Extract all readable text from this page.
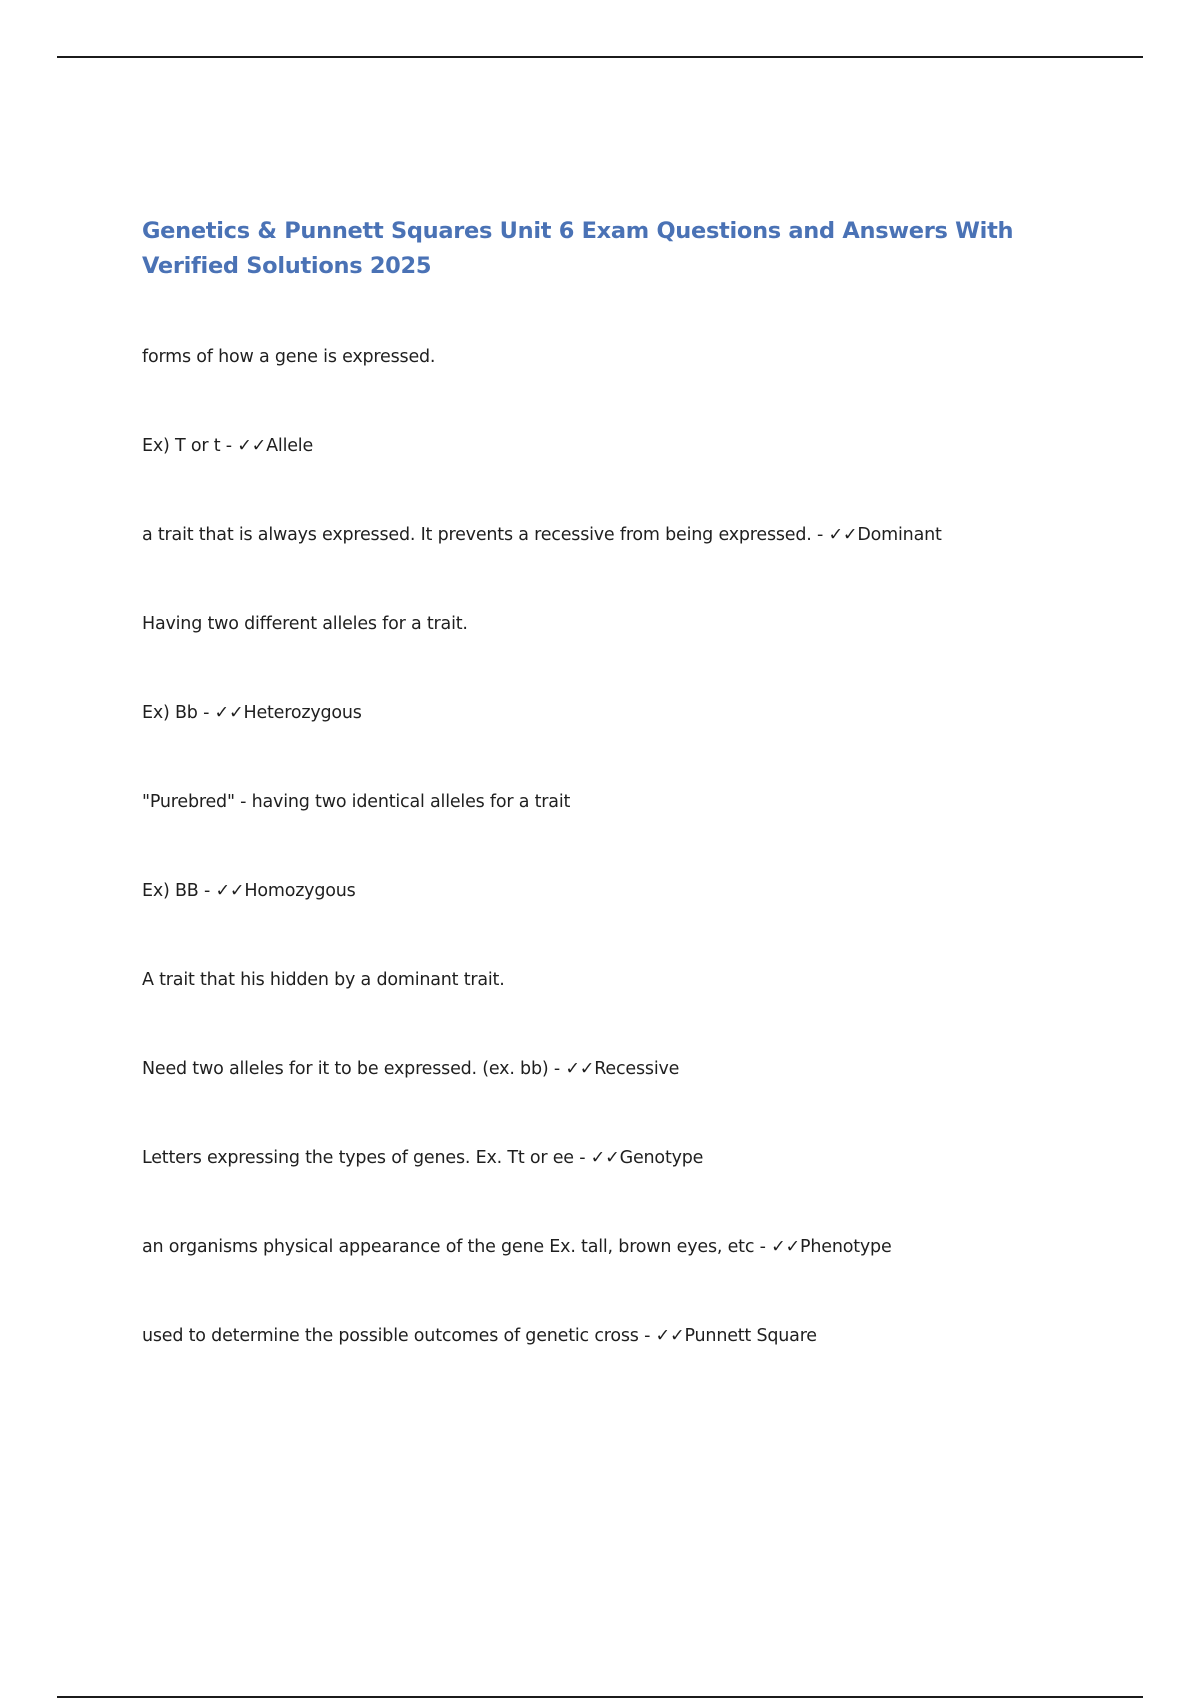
Genetics & Punnett Squares Unit 6 Exam Questions and Answers With Verified Solutions 2025

forms of how a gene is expressed.

Ex) T or t - ✓✓Allele

a trait that is always expressed. It prevents a recessive from being expressed. - ✓✓Dominant

Having two different alleles for a trait.

Ex) Bb - ✓✓Heterozygous

"Purebred" - having two identical alleles for a trait

Ex) BB - ✓✓Homozygous

A trait that his hidden by a dominant trait.

Need two alleles for it to be expressed. (ex. bb) - ✓✓Recessive

Letters expressing the types of genes. Ex. Tt or ee - ✓✓Genotype

an organisms physical appearance of the gene Ex. tall, brown eyes, etc - ✓✓Phenotype

used to determine the possible outcomes of genetic cross - ✓✓Punnett Square
